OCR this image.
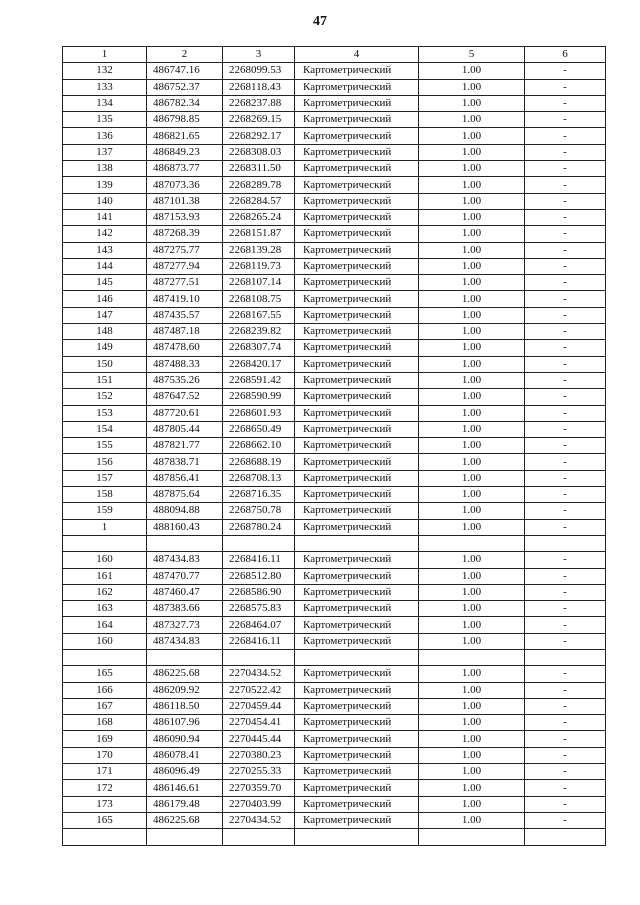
47
1	2	3	4	5	6
132	486747.16	2268099.53	Картометрический	1.00	-
133	486752.37	2268118.43	Картометрический	1.00	-
134	486782.34	2268237.88	Картометрический	1.00	-
135	486798.85	2268269.15	Картометрический	1.00	-
136	486821.65	2268292.17	Картометрический	1.00	-
137	486849.23	2268308.03	Картометрический	1.00	-
138	486873.77	2268311.50	Картометрический	1.00	-
139	487073.36	2268289.78	Картометрический	1.00	-
140	487101.38	2268284.57	Картометрический	1.00	-
141	487153.93	2268265.24	Картометрический	1.00	-
142	487268.39	2268151.87	Картометрический	1.00	-
143	487275.77	2268139.28	Картометрический	1.00	-
144	487277.94	2268119.73	Картометрический	1.00	-
145	487277.51	2268107.14	Картометрический	1.00	-
146	487419.10	2268108.75	Картометрический	1.00	-
147	487435.57	2268167.55	Картометрический	1.00	-
148	487487.18	2268239.82	Картометрический	1.00	-
149	487478.60	2268307.74	Картометрический	1.00	-
150	487488.33	2268420.17	Картометрический	1.00	-
151	487535.26	2268591.42	Картометрический	1.00	-
152	487647.52	2268590.99	Картометрический	1.00	-
153	487720.61	2268601.93	Картометрический	1.00	-
154	487805.44	2268650.49	Картометрический	1.00	-
155	487821.77	2268662.10	Картометрический	1.00	-
156	487838.71	2268688.19	Картометрический	1.00	-
157	487856.41	2268708.13	Картометрический	1.00	-
158	487875.64	2268716.35	Картометрический	1.00	-
159	488094.88	2268750.78	Картометрический	1.00	-
1	488160.43	2268780.24	Картометрический	1.00	-

160	487434.83	2268416.11	Картометрический	1.00	-
161	487470.77	2268512.80	Картометрический	1.00	-
162	487460.47	2268586.90	Картометрический	1.00	-
163	487383.66	2268575.83	Картометрический	1.00	-
164	487327.73	2268464.07	Картометрический	1.00	-
160	487434.83	2268416.11	Картометрический	1.00	-

165	486225.68	2270434.52	Картометрический	1.00	-
166	486209.92	2270522.42	Картометрический	1.00	-
167	486118.50	2270459.44	Картометрический	1.00	-
168	486107.96	2270454.41	Картометрический	1.00	-
169	486090.94	2270445.44	Картометрический	1.00	-
170	486078.41	2270380.23	Картометрический	1.00	-
171	486096.49	2270255.33	Картометрический	1.00	-
172	486146.61	2270359.70	Картометрический	1.00	-
173	486179.48	2270403.99	Картометрический	1.00	-
165	486225.68	2270434.52	Картометрический	1.00	-
